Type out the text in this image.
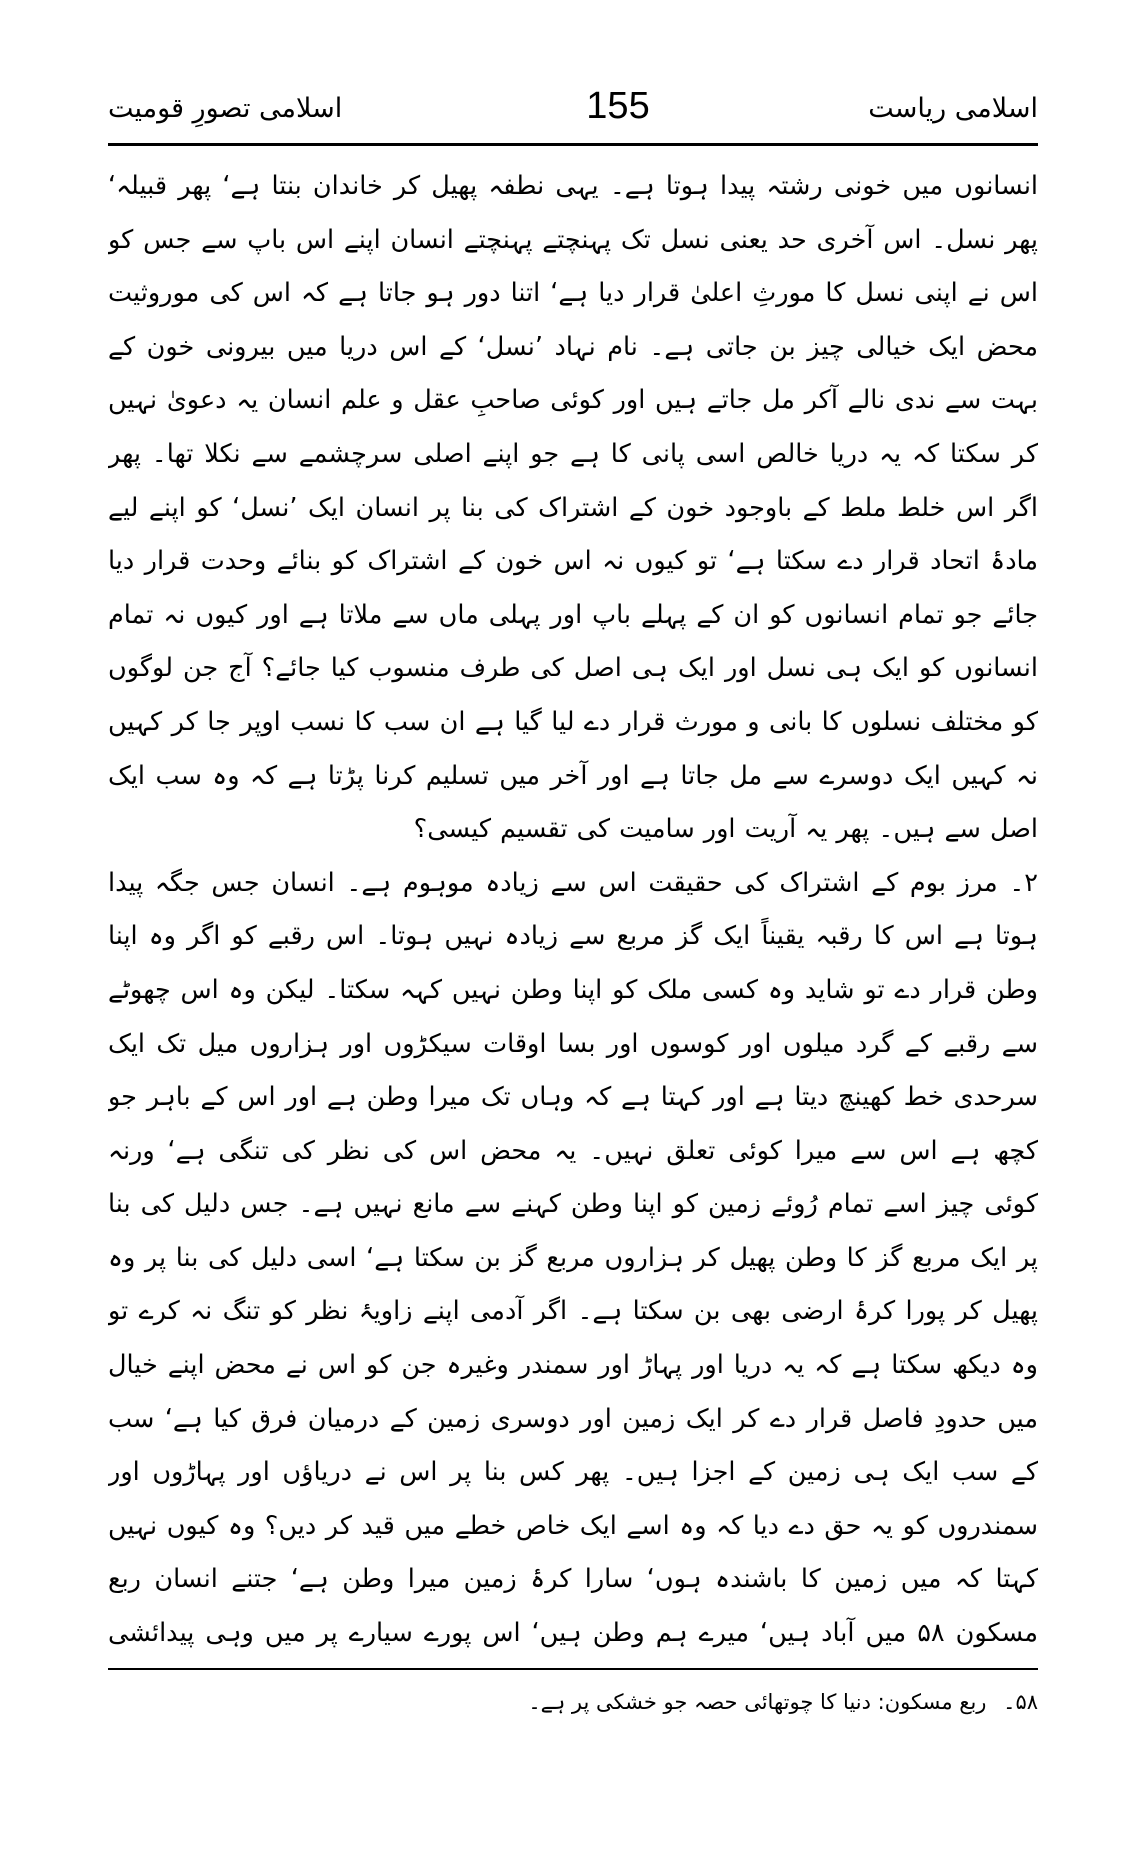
اسلامی ریاست
155
اسلامی تصورِ قومیت

انسانوں میں خونی رشتہ پیدا ہوتا ہے۔ یہی نطفہ پھیل کر خاندان بنتا ہے‘ پھر قبیلہ‘ پھر نسل۔ اس آخری حد یعنی نسل تک پہنچتے پہنچتے انسان اپنے اس باپ سے جس کو اس نے اپنی نسل کا مورثِ اعلیٰ قرار دیا ہے‘ اتنا دور ہو جاتا ہے کہ اس کی موروثیت محض ایک خیالی چیز بن جاتی ہے۔ نام نہاد ’نسل‘ کے اس دریا میں بیرونی خون کے بہت سے ندی نالے آکر مل جاتے ہیں اور کوئی صاحبِ عقل و علم انسان یہ دعویٰ نہیں کر سکتا کہ یہ دریا خالص اسی پانی کا ہے جو اپنے اصلی سرچشمے سے نکلا تھا۔ پھر اگر اس خلط ملط کے باوجود خون کے اشتراک کی بنا پر انسان ایک ’نسل‘ کو اپنے لیے مادۂ اتحاد قرار دے سکتا ہے‘ تو کیوں نہ اس خون کے اشتراک کو بنائے وحدت قرار دیا جائے جو تمام انسانوں کو ان کے پہلے باپ اور پہلی ماں سے ملاتا ہے اور کیوں نہ تمام انسانوں کو ایک ہی نسل اور ایک ہی اصل کی طرف منسوب کیا جائے؟ آج جن لوگوں کو مختلف نسلوں کا بانی و مورث قرار دے لیا گیا ہے ان سب کا نسب اوپر جا کر کہیں نہ کہیں ایک دوسرے سے مل جاتا ہے اور آخر میں تسلیم کرنا پڑتا ہے کہ وہ سب ایک اصل سے ہیں۔ پھر یہ آریت اور سامیت کی تقسیم کیسی؟

۲۔ مرز بوم کے اشتراک کی حقیقت اس سے زیادہ موہوم ہے۔ انسان جس جگہ پیدا ہوتا ہے اس کا رقبہ یقیناً ایک گز مربع سے زیادہ نہیں ہوتا۔ اس رقبے کو اگر وہ اپنا وطن قرار دے تو شاید وہ کسی ملک کو اپنا وطن نہیں کہہ سکتا۔ لیکن وہ اس چھوٹے سے رقبے کے گرد میلوں اور کوسوں اور بسا اوقات سیکڑوں اور ہزاروں میل تک ایک سرحدی خط کھینچ دیتا ہے اور کہتا ہے کہ وہاں تک میرا وطن ہے اور اس کے باہر جو کچھ ہے اس سے میرا کوئی تعلق نہیں۔ یہ محض اس کی نظر کی تنگی ہے‘ ورنہ کوئی چیز اسے تمام رُوئے زمین کو اپنا وطن کہنے سے مانع نہیں ہے۔ جس دلیل کی بنا پر ایک مربع گز کا وطن پھیل کر ہزاروں مربع گز بن سکتا ہے‘ اسی دلیل کی بنا پر وہ پھیل کر پورا کرۂ ارضی بھی بن سکتا ہے۔ اگر آدمی اپنے زاویۂ نظر کو تنگ نہ کرے تو وہ دیکھ سکتا ہے کہ یہ دریا اور پہاڑ اور سمندر وغیرہ جن کو اس نے محض اپنے خیال میں حدودِ فاصل قرار دے کر ایک زمین اور دوسری زمین کے درمیان فرق کیا ہے‘ سب کے سب ایک ہی زمین کے اجزا ہیں۔ پھر کس بنا پر اس نے دریاؤں اور پہاڑوں اور سمندروں کو یہ حق دے دیا کہ وہ اسے ایک خاص خطے میں قید کر دیں؟ وہ کیوں نہیں کہتا کہ میں زمین کا باشندہ ہوں‘ سارا کرۂ زمین میرا وطن ہے‘ جتنے انسان ربع مسکون ۵۸ میں آباد ہیں‘ میرے ہم وطن ہیں‘ اس پورے سیارے پر میں وہی پیدائشی

۵۸۔ ربع مسکون: دنیا کا چوتھائی حصہ جو خشکی پر ہے۔
